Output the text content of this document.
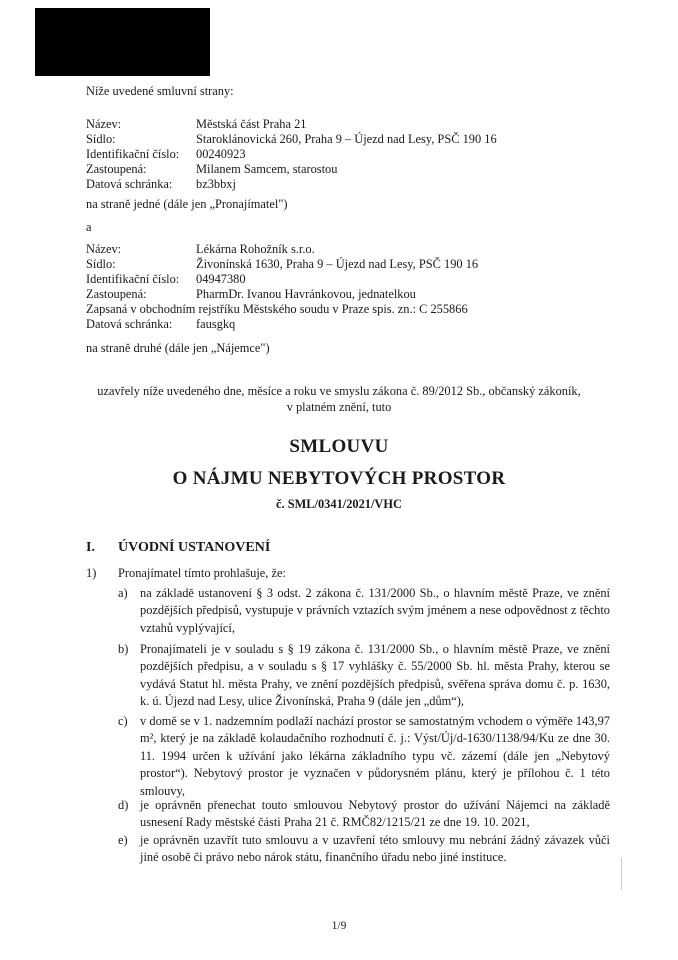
Níže uvedené smluvní strany:
Název:	Městská část Praha 21
Sídlo:	Staroklánovická 260, Praha 9 – Újezd nad Lesy, PSČ 190 16
Identifikační číslo: 00240923
Zastoupená:	Milanem Samcem, starostou
Datová schránka: bz3bbxj
na straně jedné (dále jen „Pronajímatel")
a
Název:	Lékárna Rohožník s.r.o.
Sídlo:	Živonínská 1630, Praha 9 – Újezd nad Lesy, PSČ 190 16
Identifikační číslo: 04947380
Zastoupená:	PharmDr. Ivanou Havránkovou, jednatelkou
Zapsaná v obchodním rejstříku Městského soudu v Praze spis. zn.: C 255866
Datová schránka: fausgkq
na straně druhé (dále jen „Nájemce")
uzavřely níže uvedeného dne, měsíce a roku ve smyslu zákona č. 89/2012 Sb., občanský zákoník,
v platném znění, tuto
SMLOUVU
O NÁJMU NEBYTOVÝCH PROSTOR
č. SML/0341/2021/VHC
I. ÚVODNÍ USTANOVENÍ
1) Pronajímatel tímto prohlašuje, že:
a) na základě ustanovení § 3 odst. 2 zákona č. 131/2000 Sb., o hlavním městě Praze, ve znění pozdějších předpisů, vystupuje v právních vztazích svým jménem a nese odpovědnost z těchto vztahů vyplývající,
b) Pronajímateli je v souladu s § 19 zákona č. 131/2000 Sb., o hlavním městě Praze, ve znění pozdějších předpisu, a v souladu s § 17 vyhlášky č. 55/2000 Sb. hl. města Prahy, kterou se vydává Statut hl. města Prahy, ve znění pozdějších předpisů, svěřena správa domu č. p. 1630, k. ú. Újezd nad Lesy, ulice Živonínská, Praha 9 (dále jen „dům“),
c) v domě se v 1. nadzemním podlaží nachází prostor se samostatným vchodem o výměře 143,97 m², který je na základě kolaudačního rozhodnutí č. j.: Výst/Új/d-1630/1138/94/Ku ze dne 30. 11. 1994 určen k užívání jako lékárna základního typu vč. zázemí (dále jen „Nebytový prostor“). Nebytový prostor je vyznačen v půdorysném plánu, který je přílohou č. 1 této smlouvy,
d) je oprávněn přenechat touto smlouvou Nebytový prostor do užívání Nájemci na základě usnesení Rady městské části Praha 21 č. RMČ82/1215/21 ze dne 19. 10. 2021,
e) je oprávněn uzavřít tuto smlouvu a v uzavření této smlouvy mu nebrání žádný závazek vůči jiné osobě či právo nebo nárok státu, finančního úřadu nebo jiné instituce.
1/9
